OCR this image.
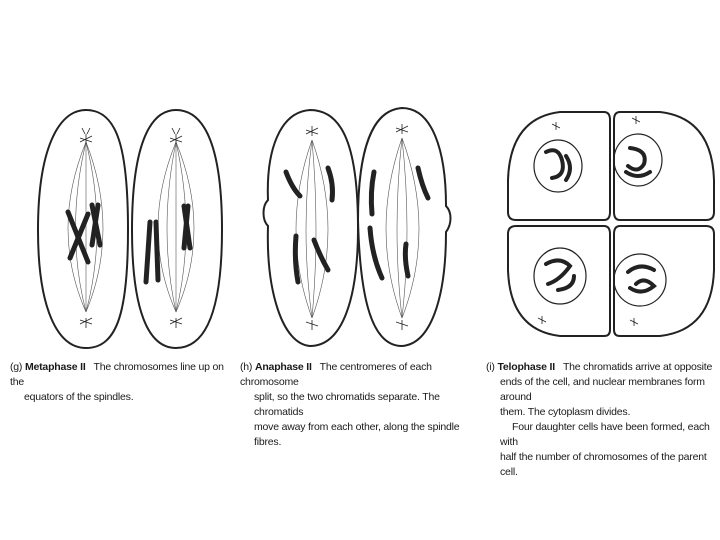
(g) Metaphase II The chromosomes line up on the
equators of the spindles.
(h) Anaphase II The centromeres of each chromosome
split, so the two chromatids separate. The chromatids
move away from each other, along the spindle fibres.
(i) Telophase II The chromatids arrive at opposite
ends of the cell, and nuclear membranes form around
them. The cytoplasm divides.
Four daughter cells have been formed, each with
half the number of chromosomes of the parent cell.
